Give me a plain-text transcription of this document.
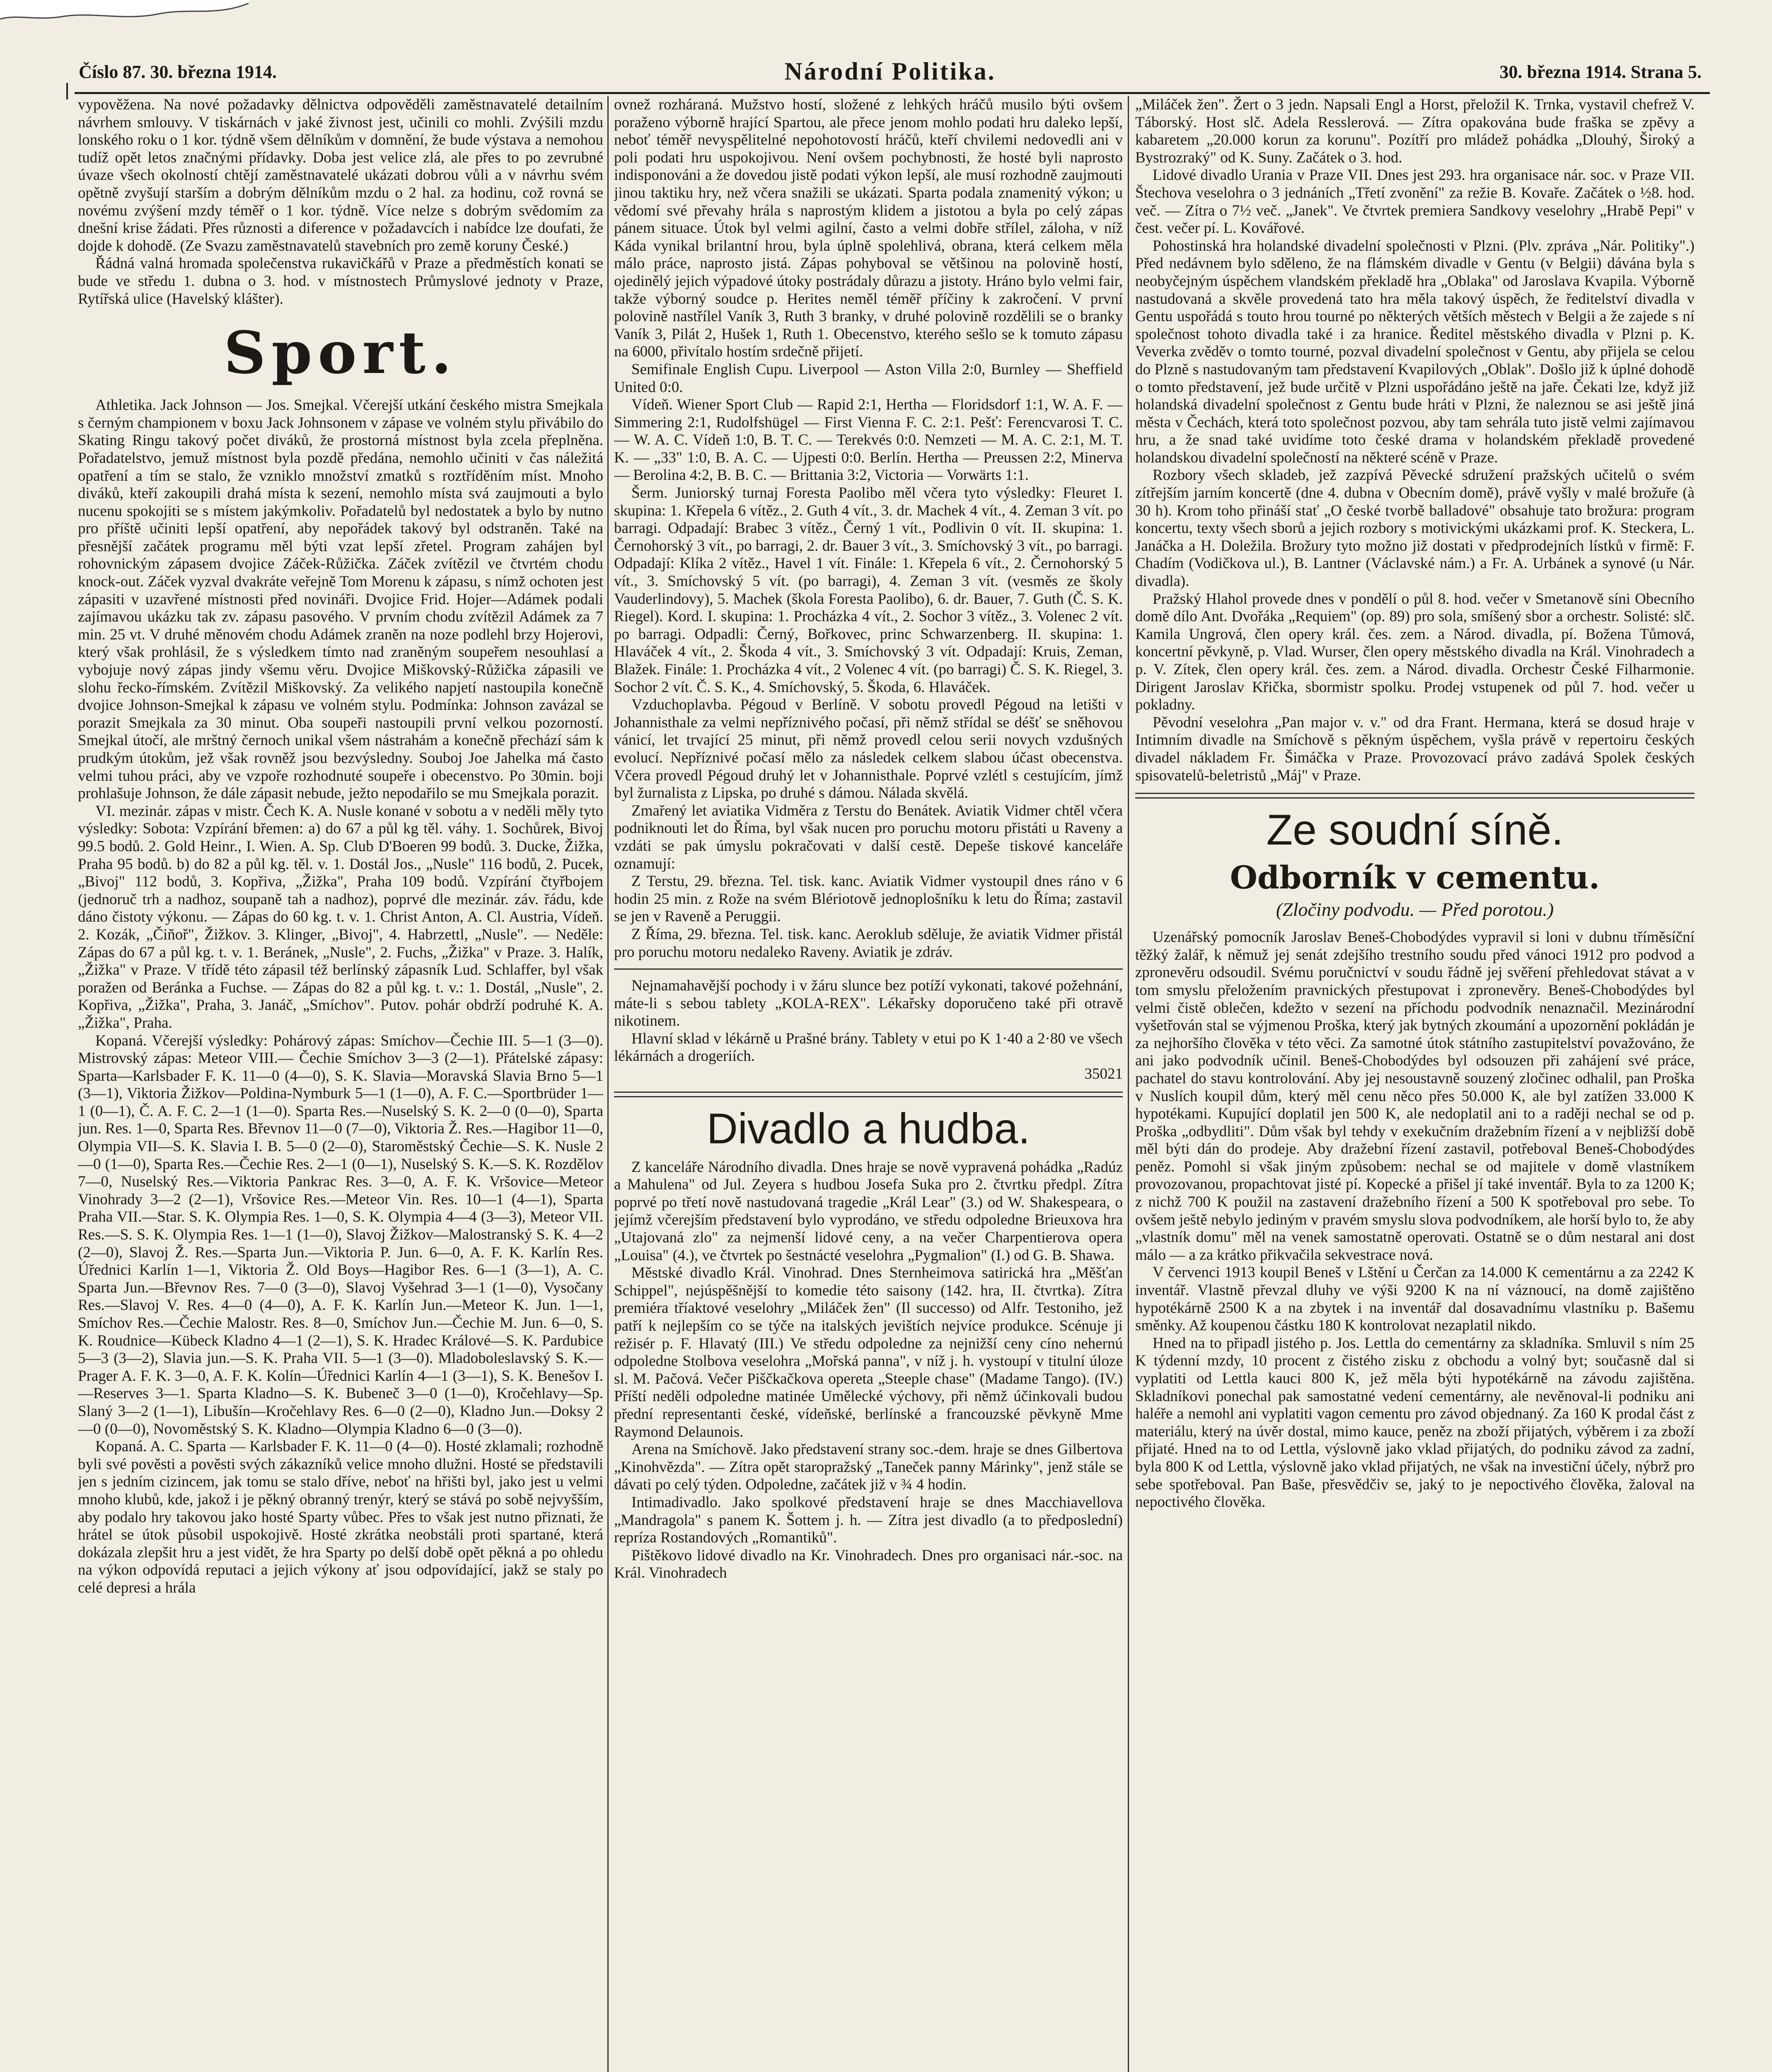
Číslo 87. 30. března 1914.	Národní Politika.	30. března 1914. Strana 5.

vypověžena. Na nové požadavky dělnictva odpověděli zaměstnavatelé detailním návrhem smlouvy. V tiskárnách v jaké živnost jest, učinili co mohli. Zvýšili mzdu lonského roku o 1 kor. týdně všem dělníkům v domnění, že bude výstava a nemohou tudíž opět letos značnými přídavky. Doba jest velice zlá, ale přes to po zevrubné úvaze všech okolností chtějí zaměstnavatelé ukázati dobrou vůli a v návrhu svém opětně zvyšují starším a dobrým dělníkům mzdu o 2 hal. za hodinu, což rovná se novému zvýšení mzdy téměř o 1 kor. týdně. Více nelze s dobrým svědomím za dnešní krise žádati. Přes různosti a diference v požadavcích i nabídce lze doufati, že dojde k dohodě. (Ze Svazu zaměstnavatelů stavebních pro země koruny České.)

Řádná valná hromada společenstva rukavičkářů v Praze a předměstích konati se bude ve středu 1. dubna o 3. hod. v místnostech Průmyslové jednoty v Praze, Rytířská ulice (Havelský klášter).

Sport.

Athletika. Jack Johnson — Jos. Smejkal. Včerejší utkání českého mistra Smejkala s černým championem v boxu Jack Johnsonem v zápase ve volném stylu přivábilo do Skating Ringu takový počet diváků, že prostorná místnost byla zcela přeplněna. Pořadatelstvo, jemuž místnost byla pozdě předána, nemohlo učiniti v čas náležitá opatření a tím se stalo, že vzniklo množství zmatků s roztříděním míst. Mnoho diváků, kteří zakoupili drahá místa k sezení, nemohlo místa svá zaujmouti a bylo nucenu spokojiti se s místem jakýmkoliv. Pořadatelů byl nedostatek a bylo by nutno pro příště učiniti lepší opatření, aby nepořádek takový byl odstraněn. Také na přesnější začátek programu měl býti vzat lepší zřetel. Program zahájen byl rohovnickým zápasem dvojice Záček-Růžička. Záček zvítězil ve čtvrtém chodu knock-out. Záček vyzval dvakráte veřejně Tom Morenu k zápasu, s nímž ochoten jest zápasiti v uzavřené místnosti před novináři. Dvojice Frid. Hojer—Adámek podali zajímavou ukázku tak zv. zápasu pasového. V prvním chodu zvítězil Adámek za 7 min. 25 vt. V druhé měnovém chodu Adámek zraněn na noze podlehl brzy Hojerovi, který však prohlásil, že s výsledkem tímto nad zraněným soupeřem nesouhlasí a vybojuje nový zápas jindy všemu věru. Dvojice Miškovský-Růžička zápasili ve slohu řecko-římském. Zvítězil Miškovský. Za velikého napjetí nastoupila konečně dvojice Johnson-Smejkal k zápasu ve volném stylu. Podmínka: Johnson zavázal se porazit Smejkala za 30 minut. Oba soupeři nastoupili první velkou pozorností. Smejkal útočí, ale mrštný černoch unikal všem nástrahám a konečně přechází sám k prudkým útokům, jež však rovněž jsou bezvýsledny. Souboj Joe Jahelka má často velmi tuhou práci, aby ve vzpoře rozhodnuté soupeře i obecenstvo. Po 30min. boji prohlašuje Johnson, že dále zápasit nebude, ježto nepodařilo se mu Smejkala porazit.

VI. mezinár. zápas v mistr. Čech K. A. Nusle konané v sobotu a v neděli měly tyto výsledky: Sobota: Vzpírání břemen: a) do 67 a půl kg těl. váhy. 1. Sochůrek, Bivoj 99.5 bodů. 2. Gold Heinr., I. Wien. A. Sp. Club D'Boeren 99 bodů. 3. Ducke, Žižka, Praha 95 bodů. b) do 82 a půl kg. těl. v. 1. Dostál Jos., „Nusle" 116 bodů, 2. Pucek, „Bivoj" 112 bodů, 3. Kopřiva, „Žižka", Praha 109 bodů. Vzpírání čtyřbojem (jednoruč trh a nadhoz, soupaně tah a nadhoz), poprvé dle mezinár. záv. řádu, kde dáno čistoty výkonu. — Zápas do 60 kg. t. v. 1. Christ Anton, A. Cl. Austria, Vídeň. 2. Kozák, „Čiňoř", Žižkov. 3. Klinger, „Bivoj", 4. Habrzettl, „Nusle". — Neděle: Zápas do 67 a půl kg. t. v. 1. Beránek, „Nusle", 2. Fuchs, „Žižka" v Praze. 3. Halík, „Žižka" v Praze. V třídě této zápasil též berlínský zápasník Lud. Schlaffer, byl však poražen od Beránka a Fuchse. — Zápas do 82 a půl kg. t. v.: 1. Dostál, „Nusle", 2. Kopřiva, „Žižka", Praha, 3. Janáč, „Smíchov". Putov. pohár obdrží podruhé K. A. „Žižka", Praha.

Kopaná. Včerejší výsledky: Pohárový zápas: Smíchov—Čechie III. 5—1 (3—0). Mistrovský zápas: Meteor VIII.— Čechie Smíchov 3—3 (2—1). Přátelské zápasy: Sparta—Karlsbader F. K. 11—0 (4—0), S. K. Slavia—Moravská Slavia Brno 5—1 (3—1), Viktoria Žižkov—Poldina-Nymburk 5—1 (1—0), A. F. C.—Sportbrüder 1—1 (0—1), Č. A. F. C. 2—1 (1—0). Sparta Res.—Nuselský S. K. 2—0 (0—0), Sparta jun. Res. 1—0, Sparta Res. Břevnov 11—0 (7—0), Viktoria Ž. Res.—Hagibor 11—0, Olympia VII—S. K. Slavia I. B. 5—0 (2—0), Staroměstský Čechie—S. K. Nusle 2—0 (1—0), Sparta Res.—Čechie Res. 2—1 (0—1), Nuselský S. K.—S. K. Rozdělov 7—0, Nuselský Res.—Viktoria Pankrac Res. 3—0, A. F. K. Vršovice—Meteor Vinohrady 3—2 (2—1), Vršovice Res.—Meteor Vin. Res. 10—1 (4—1), Sparta Praha VII.—Star. S. K. Olympia Res. 1—0, S. K. Olympia 4—4 (3—3), Meteor VII. Res.—S. S. K. Olympia Res. 1—1 (1—0), Slavoj Žižkov—Malostranský S. K. 4—2 (2—0), Slavoj Ž. Res.—Sparta Jun.—Viktoria P. Jun. 6—0, A. F. K. Karlín Res. Úřednici Karlín 1—1, Viktoria Ž. Old Boys—Hagibor Res. 6—1 (3—1), A. C. Sparta Jun.—Břevnov Res. 7—0 (3—0), Slavoj Vyšehrad 3—1 (1—0), Vysočany Res.—Slavoj V. Res. 4—0 (4—0), A. F. K. Karlín Jun.—Meteor K. Jun. 1—1, Smíchov Res.—Čechie Malostr. Res. 8—0, Smíchov Jun.—Čechie M. Jun. 6—0, S. K. Roudnice—Kübeck Kladno 4—1 (2—1), S. K. Hradec Králové—S. K. Pardubice 5—3 (3—2), Slavia jun.—S. K. Praha VII. 5—1 (3—0). Mladoboleslavský S. K.—Prager A. F. K. 3—0, A. F. K. Kolín—Úřednici Karlín 4—1 (3—1), S. K. Benešov I.—Reserves 3—1. Sparta Kladno—S. K. Bubeneč 3—0 (1—0), Kročehlavy—Sp. Slaný 3—2 (1—1), Libušín—Kročehlavy Res. 6—0 (2—0), Kladno Jun.—Doksy 2—0 (0—0), Novoměstský S. K. Kladno—Olympia Kladno 6—0 (3—0).

Kopaná. A. C. Sparta — Karlsbader F. K. 11—0 (4—0). Hosté zklamali; rozhodně byli své pověsti a pověsti svých zákazníků velice mnoho dlužni. Hosté se představili jen s jedním cizincem, jak tomu se stalo dříve, neboť na hřišti byl, jako jest u velmi mnoho klubů, kde, jakož i je pěkný obranný trenýr, který se stává po sobě nejvyšším, aby podalo hry takovou jako hosté Sparty vůbec. Přes to však jest nutno přiznati, že hrátel se útok působil uspokojivě. Hosté zkrátka neobstáli proti spartané, která dokázala zlepšit hru a jest vidět, že hra Sparty po delší době opět pěkná a po ohledu na výkon odpovídá reputaci a jejich výkony ať jsou odpovídající, jakž se staly po celé depresi a hrála

ovnež rozháraná. Mužstvo hostí, složené z lehkých hráčů musilo býti ovšem poraženo výborně hrající Spartou, ale přece jenom mohlo podati hru daleko lepší, neboť téměř nevyspělitelné nepohotovostí hráčů, kteří chvilemi nedovedli ani v poli podati hru uspokojivou. Není ovšem pochybnosti, že hosté byli naprosto indisponováni a že dovedou jistě podati výkon lepší, ale musí rozhodně zaujmouti jinou taktiku hry, než včera snažili se ukázati. Sparta podala znamenitý výkon; u vědomí své převahy hrála s naprostým klidem a jistotou a byla po celý zápas pánem situace. Útok byl velmi agilní, často a velmi dobře střílel, záloha, v níž Káda vynikal brilantní hrou, byla úplně spolehlivá, obrana, která celkem měla málo práce, naprosto jistá. Zápas pohyboval se většinou na polovině hostí, ojedinělý jejich výpadové útoky postrádaly důrazu a jistoty. Hráno bylo velmi fair, takže výborný soudce p. Herites neměl téměř příčiny k zakročení. V první polovině nastřílel Vaník 3, Ruth 3 branky, v druhé polovině rozdělili se o branky Vaník 3, Pilát 2, Hušek 1, Ruth 1. Obecenstvo, kterého sešlo se k tomuto zápasu na 6000, přivítalo hostím srdečně přijetí.

Semifinale English Cupu. Liverpool — Aston Villa 2:0, Burnley — Sheffield United 0:0.

Vídeň. Wiener Sport Club — Rapid 2:1, Hertha — Floridsdorf 1:1, W. A. F. — Simmering 2:1, Rudolfshügel — First Vienna F. C. 2:1. Pešť: Ferencvarosi T. C. — W. A. C. Vídeň 1:0, B. T. C. — Terekvés 0:0. Nemzeti — M. A. C. 2:1, M. T. K. — „33" 1:0, B. A. C. — Ujpesti 0:0. Berlín. Hertha — Preussen 2:2, Minerva — Berolina 4:2, B. B. C. — Brittania 3:2, Victoria — Vorwärts 1:1.

Šerm. Juniorský turnaj Foresta Paolibo měl včera tyto výsledky: Fleuret I. skupina: 1. Křepela 6 vítěz., 2. Guth 4 vít., 3. dr. Machek 4 vít., 4. Zeman 3 vít. po barragi. Odpadají: Brabec 3 vítěz., Černý 1 vít., Podlivin 0 vít. II. skupina: 1. Černohorský 3 vít., po barragi, 2. dr. Bauer 3 vít., 3. Smíchovský 3 vít., po barragi. Odpadají: Klíka 2 vítěz., Havel 1 vít. Finále: 1. Křepela 6 vít., 2. Černohorský 5 vít., 3. Smíchovský 5 vít. (po barragi), 4. Zeman 3 vít. (vesměs ze školy Vauderlindovy), 5. Machek (škola Foresta Paolibo), 6. dr. Bauer, 7. Guth (Č. S. K. Riegel). Kord. I. skupina: 1. Procházka 4 vít., 2. Sochor 3 vítěz., 3. Volenec 2 vít. po barragi. Odpadli: Černý, Bořkovec, princ Schwarzenberg. II. skupina: 1. Hlaváček 4 vít., 2. Škoda 4 vít., 3. Smíchovský 3 vít. Odpadají: Kruis, Zeman, Blažek. Finále: 1. Procházka 4 vít., 2 Volenec 4 vít. (po barragi) Č. S. K. Riegel, 3. Sochor 2 vít. Č. S. K., 4. Smíchovský, 5. Škoda, 6. Hlaváček.

Vzduchoplavba. Pégoud v Berlíně. V sobotu provedl Pégoud na letišti v Johannisthale za velmi nepříznivého počasí, při němž střídal se déšť se sněhovou vánicí, let trvající 25 minut, při němž provedl celou serii novych vzdušných evolucí. Nepříznivé počasí mělo za následek celkem slabou účast obecenstva. Včera provedl Pégoud druhý let v Johannisthale. Poprvé vzlétl s cestujícím, jímž byl žurnalista z Lipska, po druhé s dámou. Nálada skvělá.

Zmařený let aviatika Vidměra z Terstu do Benátek. Aviatik Vidmer chtěl včera podniknouti let do Říma, byl však nucen pro poruchu motoru přistáti u Raveny a vzdáti se pak úmyslu pokračovati v další cestě. Depeše tiskové kanceláře oznamují:

Z Terstu, 29. března. Tel. tisk. kanc. Aviatik Vidmer vystoupil dnes ráno v 6 hodin 25 min. z Rože na svém Blériotově jednoplošníku k letu do Říma; zastavil se jen v Raveně a Peruggii.

Z Říma, 29. března. Tel. tisk. kanc. Aeroklub sděluje, že aviatik Vidmer přistál pro poruchu motoru nedaleko Raveny. Aviatik je zdráv.

Nejnamahavější pochody i v žáru slunce bez potíží vykonati, takové požehnání, máte-li s sebou tablety „KOLA-REX". Lékařsky doporučeno také při otravě nikotinem.

Hlavní sklad v lékárně u Prašné brány. Tablety v etui po K 1·40 a 2·80 ve všech lékárnách a drogeriích.

35021
Divadlo a hudba.

Z kanceláře Národního divadla. Dnes hraje se nově vypravená pohádka „Radúz a Mahulena" od Jul. Zeyera s hudbou Josefa Suka pro 2. čtvrtku předpl. Zítra poprvé po třetí nově nastudovaná tragedie „Král Lear" (3.) od W. Shakespeara, o jejímž včerejším představení bylo vyprodáno, ve středu odpoledne Brieuxova hra „Utajovaná zlo" za nejmenší lidové ceny, a na večer Charpentierova opera „Louisa" (4.), ve čtvrtek po šestnácté veselohra „Pygmalion" (I.) od G. B. Shawa.

Městské divadlo Král. Vinohrad. Dnes Sternheimova satirická hra „Měšťan Schippel", nejúspěšnější to komedie této saisony (142. hra, II. čtvrtka). Zítra premiéra tříaktové veselohry „Miláček žen" (Il successo) od Alfr. Testoniho, jež patří k nejlepším co se týče na italských jevištích nejvíce produkce. Scénuje ji režisér p. F. Hlavatý (III.) Ve středu odpoledne za nejnižší ceny cíno nehernú odpoledne Stolbova veselohra „Mořská panna", v níž j. h. vystoupí v titulní úloze sl. M. Pačová. Večer Piščkačkova opereta „Steeple chase" (Madame Tango). (IV.) Příští neděli odpoledne matinée Umělecké výchovy, při němž účinkovali budou přední representanti české, vídeňské, berlínské a francouzské pěvkyně Mme Raymond Delaunois.

Arena na Smíchově. Jako představení strany soc.-dem. hraje se dnes Gilbertova „Kinohvězda". — Zítra opět staropražský „Taneček panny Márinky", jenž stále se dávati po celý týden. Odpoledne, začátek již v ¾ 4 hodin.

Intimadivadlo. Jako spolkové představení hraje se dnes Macchiavellova „Mandragola" s panem K. Šottem j. h. — Zítra jest divadlo (a to předposlední) repríza Rostandových „Romantiků".

Pištěkovo lidové divadlo na Kr. Vinohradech. Dnes pro organisaci nár.-soc. na Král. Vinohradech

„Miláček žen". Žert o 3 jedn. Napsali Engl a Horst, přeložil K. Trnka, vystavil chefrež V. Táborský. Host slč. Adela Resslerová. — Zítra opakována bude fraška se zpěvy a kabaretem „20.000 korun za korunu". Pozítří pro mládež pohádka „Dlouhý, Široký a Bystrozraký" od K. Suny. Začátek o 3. hod.

Lidové divadlo Urania v Praze VII. Dnes jest 293. hra organisace nár. soc. v Praze VII. Štechova veselohra o 3 jednáních „Třetí zvonění" za režie B. Kovaře. Začátek o ½8. hod. več. — Zítra o 7½ več. „Janek". Ve čtvrtek premiera Sandkovy veselohry „Hrabě Pepi" v čest. večer pí. L. Kovářové.

Pohostinská hra holandské divadelní společnosti v Plzni. (Plv. zpráva „Nár. Politiky".) Před nedávnem bylo sděleno, že na flámském divadle v Gentu (v Belgii) dávána byla s neobyčejným úspěchem vlandském překladě hra „Oblaka" od Jaroslava Kvapila. Výborně nastudovaná a skvěle provedená tato hra měla takový úspěch, že ředitelství divadla v Gentu uspořádá s touto hrou tourné po některých větších městech v Belgii a že zajede s ní společnost tohoto divadla také i za hranice. Ředitel městského divadla v Plzni p. K. Veverka zvěděv o tomto tourné, pozval divadelní společnost v Gentu, aby přijela se celou do Plzně s nastudovaným tam představení Kvapilových „Oblak". Došlo již k úplné dohodě o tomto představení, jež bude určitě v Plzni uspořádáno ještě na jaře. Čekati lze, když již holandská divadelní společnost z Gentu bude hráti v Plzni, že naleznou se asi ještě jiná města v Čechách, která toto společnost pozvou, aby tam sehrála tuto jistě velmi zajímavou hru, a že snad také uvidíme toto české drama v holandském překladě provedené holandskou divadelní společností na některé scéně v Praze.

Rozbory všech skladeb, jež zazpívá Pěvecké sdružení pražských učitelů o svém zítřejším jarním koncertě (dne 4. dubna v Obecním domě), právě vyšly v malé brožuře (à 30 h). Krom toho přináší stať „O české tvorbě balladové" obsahuje tato brožura: program koncertu, texty všech sborů a jejich rozbory s motivickými ukázkami prof. K. Steckera, L. Janáčka a H. Doležila. Brožury tyto možno již dostati v předprodejních lístků v firmě: F. Chadím (Vodičkova ul.), B. Lantner (Václavské nám.) a Fr. A. Urbánek a synové (u Nár. divadla).

Pražský Hlahol provede dnes v pondělí o půl 8. hod. večer v Smetanově síni Obecního domě dílo Ant. Dvořáka „Requiem" (op. 89) pro sola, smíšený sbor a orchestr. Solisté: slč. Kamila Ungrová, člen opery král. čes. zem. a Národ. divadla, pí. Božena Tůmová, koncertní pěvkyně, p. Vlad. Wurser, člen opery městského divadla na Král. Vinohradech a p. V. Zítek, člen opery král. čes. zem. a Národ. divadla. Orchestr České Filharmonie. Dirigent Jaroslav Křička, sbormistr spolku. Prodej vstupenek od půl 7. hod. večer u pokladny.

Pěvodní veselohra „Pan major v. v." od dra Frant. Hermana, která se dosud hraje v Intimním divadle na Smíchově s pěkným úspěchem, vyšla právě v repertoiru českých divadel nákladem Fr. Šimáčka v Praze. Provozovací právo zadává Spolek českých spisovatelů-beletristů „Máj" v Praze.

Ze soudní síně.
Odborník v cementu.
(Zločiny podvodu. — Před porotou.)

Uzenářský pomocník Jaroslav Beneš-Chobodýdes vypravil si loni v dubnu tříměsíční těžký žalář, k němuž jej senát zdejšího trestního soudu před vánoci 1912 pro podvod a zpronevěru odsoudil. Svému poručnictví v soudu řádně jej svěření přehledovat stávat a v tom smyslu přeložením pravnických přestupovat i zpronevěry. Beneš-Chobodýdes byl velmi čistě oblečen, kdežto v sezení na příchodu podvodník nenaznačil. Mezinárodní vyšetřován stal se výjmenou Proška, který jak bytných zkoumání a upozornění pokládán je za nejhoršího člověka v této věci. Za samotné útok státního zastupitelství považováno, že ani jako podvodník učinil. Beneš-Chobodýdes byl odsouzen při zahájení své práce, pachatel do stavu kontrolování. Aby jej nesoustavně souzený zločinec odhalil, pan Proška v Nuslích koupil dům, který měl cenu něco přes 50.000 K, ale byl zatížen 33.000 K hypotékami. Kupující doplatil jen 500 K, ale nedoplatil ani to a raději nechal se od p. Proška „odbydliti". Dům však byl tehdy v exekučním dražebním řízení a v nejbližší době měl býti dán do prodeje. Aby dražební řízení zastavil, potřeboval Beneš-Chobodýdes peněz. Pomohl si však jiným způsobem: nechal se od majitele v domě vlastníkem provozovanou, propachtovat jisté pí. Kopecké a přišel jí také inventář. Byla to za 1200 K; z nichž 700 K použil na zastavení dražebního řízení a 500 K spotřeboval pro sebe. To ovšem ještě nebylo jediným v pravém smyslu slova podvodníkem, ale horší bylo to, že aby „vlastník domu" měl na venek samostatně operovati. Ostatně se o dům nestaral ani dost málo — a za krátko přikvačila sekvestrace nová.

V červenci 1913 koupil Beneš v Lštění u Čerčan za 14.000 K cementárnu a za 2242 K inventář. Vlastně převzal dluhy ve výši 9200 K na ní váznoucí, na domě zajištěno hypotékárně 2500 K a na zbytek i na inventář dal dosavadnímu vlastníku p. Bašemu směnky. Až koupenou částku 180 K kontrolovat nezaplatil nikdo.

Hned na to připadl jistého p. Jos. Lettla do cementárny za skladníka. Smluvil s ním 25 K týdenní mzdy, 10 procent z čistého zisku z obchodu a volný byt; současně dal si vyplatiti od Lettla kauci 800 K, jež měla býti hypotékárně na závodu zajištěna. Skladníkovi ponechal pak samostatné vedení cementárny, ale nevěnoval-li podniku ani haléře a nemohl ani vyplatiti vagon cementu pro závod objednaný. Za 160 K prodal část z materiálu, který na úvěr dostal, mimo kauce, peněz na zboží přijatých, výběrem i za zboží přijaté. Hned na to od Lettla, výslovně jako vklad přijatých, do podniku závod za zadní, byla 800 K od Lettla, výslovně jako vklad přijatých, ne však na investiční účely, nýbrž pro sebe spotřeboval. Pan Baše, přesvědčiv se, jaký to je nepoctivého člověka, žaloval na nepoctivého člověka.
